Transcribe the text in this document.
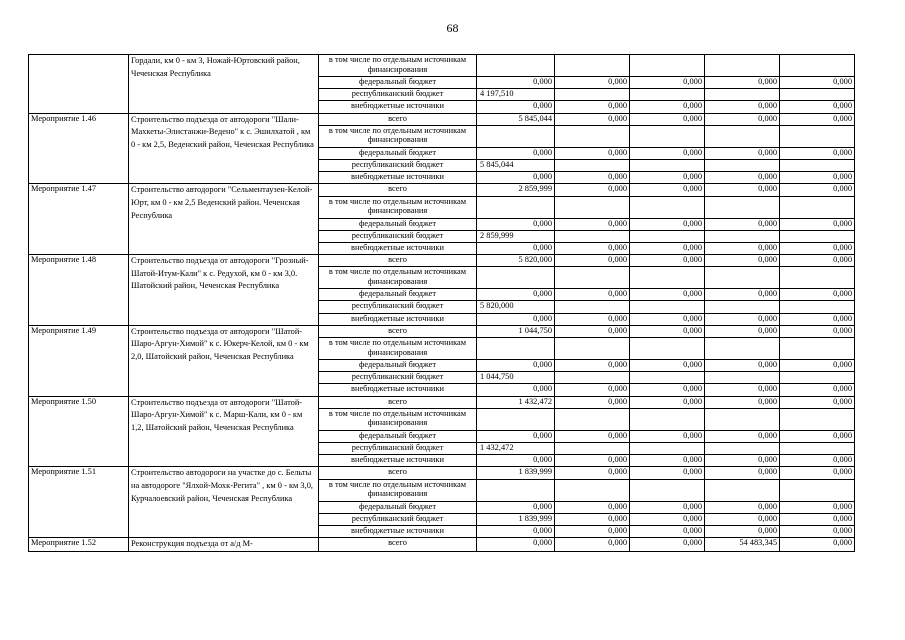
68
	Гордали, км 0 - км 3, Ножай-Юртовский район, Чеченская Республика	в том числе по отдельным источникам финансирования					
		федеральный бюджет	0,000	0,000	0,000	0,000	0,000
		республиканский бюджет	4 197,510				
		внебюджетные источники	0,000	0,000	0,000	0,000	0,000
Мероприятие 1.46	Строительство подъезда от автодороги "Шали-Махкеты-Элистанжи-Ведено" к с. Эшилхатой , км 0 - км 2,5, Веденский район, Чеченская Республика	всего	5 845,044	0,000	0,000	0,000	0,000
		в том числе по отдельным источникам финансирования					
		федеральный бюджет	0,000	0,000	0,000	0,000	0,000
		республиканский бюджет	5 845,044				
		внебюджетные источники	0,000	0,000	0,000	0,000	0,000
Мероприятие 1.47	Строительство автодороги "Сельментаузен-Келой-Юрт, км 0 - км 2,5 Веденский район. Чеченская Республика	всего	2 859,999	0,000	0,000	0,000	0,000
		в том числе по отдельным источникам финансирования					
		федеральный бюджет	0,000	0,000	0,000	0,000	0,000
		республиканский бюджет	2 859,999				
		внебюджетные источники	0,000	0,000	0,000	0,000	0,000
Мероприятие 1.48	Строительство подъезда от автодороги "Грозный-Шатой-Итум-Кали" к с. Редухой, км 0 - км 3,0. Шатойский район, Чеченская Республика	всего	5 820,000	0,000	0,000	0,000	0,000
		в том числе по отдельным источникам финансирования					
		федеральный бюджет	0,000	0,000	0,000	0,000	0,000
		республиканский бюджет	5 820,000				
		внебюджетные источники	0,000	0,000	0,000	0,000	0,000
Мероприятие 1.49	Строительство подъезда от автодороги "Шатой-Шаро-Аргун-Химой" к с. Юкерч-Келой, км 0 - км 2,0, Шатойский район, Чеченская Республика	всего	1 044,750	0,000	0,000	0,000	0,000
		в том числе по отдельным источникам финансирования					
		федеральный бюджет	0,000	0,000	0,000	0,000	0,000
		республиканский бюджет	1 044,750				
		внебюджетные источники	0,000	0,000	0,000	0,000	0,000
Мероприятие 1.50	Строительство подъезда от автодороги "Шатой-Шаро-Аргун-Химой" к с. Марш-Кали, км 0 - км 1,2, Шатойский район, Чеченская Республика	всего	1 432,472	0,000	0,000	0,000	0,000
		в том числе по отдельным источникам финансирования					
		федеральный бюджет	0,000	0,000	0,000	0,000	0,000
		республиканский бюджет	1 432,472				
		внебюджетные источники	0,000	0,000	0,000	0,000	0,000
Мероприятие 1.51	Строительство автодороги на участке до с. Бельты на автодороге "Ялхой-Мохк-Регита" , км 0 - км 3,0, Курчалоевский район, Чеченская Республика	всего	1 839,999	0,000	0,000	0,000	0,000
		в том числе по отдельным источникам финансирования					
		федеральный бюджет	0,000	0,000	0,000	0,000	0,000
		республиканский бюджет	1 839,999	0,000	0,000	0,000	0,000
		внебюджетные источники	0,000	0,000	0,000	0,000	0,000
Мероприятие 1.52	Реконструкция подъезда от а/д М-	всего	0,000	0,000	0,000	54 483,345	0,000
